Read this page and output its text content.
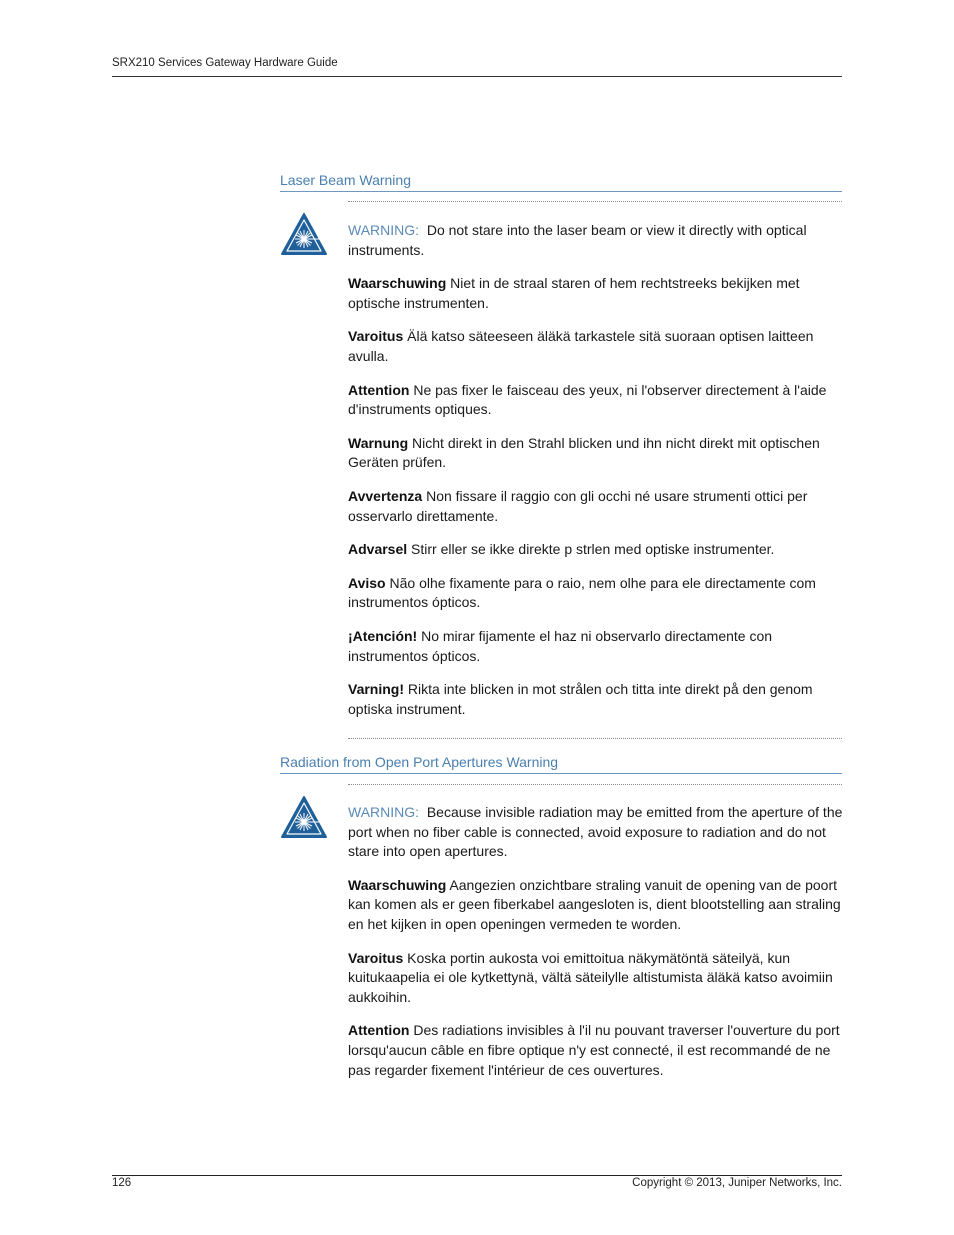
SRX210 Services Gateway Hardware Guide
Laser Beam Warning

WARNING: Do not stare into the laser beam or view it directly with optical instruments.

Waarschuwing Niet in de straal staren of hem rechtstreeks bekijken met optische instrumenten.

Varoitus Älä katso säteeseen äläkä tarkastele sitä suoraan optisen laitteen avulla.

Attention Ne pas fixer le faisceau des yeux, ni l'observer directement à l'aide d'instruments optiques.

Warnung Nicht direkt in den Strahl blicken und ihn nicht direkt mit optischen Geräten prüfen.

Avvertenza Non fissare il raggio con gli occhi né usare strumenti ottici per osservarlo direttamente.

Advarsel Stirr eller se ikke direkte p strlen med optiske instrumenter.

Aviso Não olhe fixamente para o raio, nem olhe para ele directamente com instrumentos ópticos.

¡Atención! No mirar fijamente el haz ni observarlo directamente con instrumentos ópticos.

Varning! Rikta inte blicken in mot strålen och titta inte direkt på den genom optiska instrument.

Radiation from Open Port Apertures Warning

WARNING: Because invisible radiation may be emitted from the aperture of the port when no fiber cable is connected, avoid exposure to radiation and do not stare into open apertures.

Waarschuwing Aangezien onzichtbare straling vanuit de opening van de poort kan komen als er geen fiberkabel aangesloten is, dient blootstelling aan straling en het kijken in open openingen vermeden te worden.

Varoitus Koska portin aukosta voi emittoitua näkymätöntä säteilyä, kun kuitukaapelia ei ole kytkettynä, vältä säteilylle altistumista äläkä katso avoimiin aukkoihin.

Attention Des radiations invisibles à l'il nu pouvant traverser l'ouverture du port lorsqu'aucun câble en fibre optique n'y est connecté, il est recommandé de ne pas regarder fixement l'intérieur de ces ouvertures.

126	Copyright © 2013, Juniper Networks, Inc.
